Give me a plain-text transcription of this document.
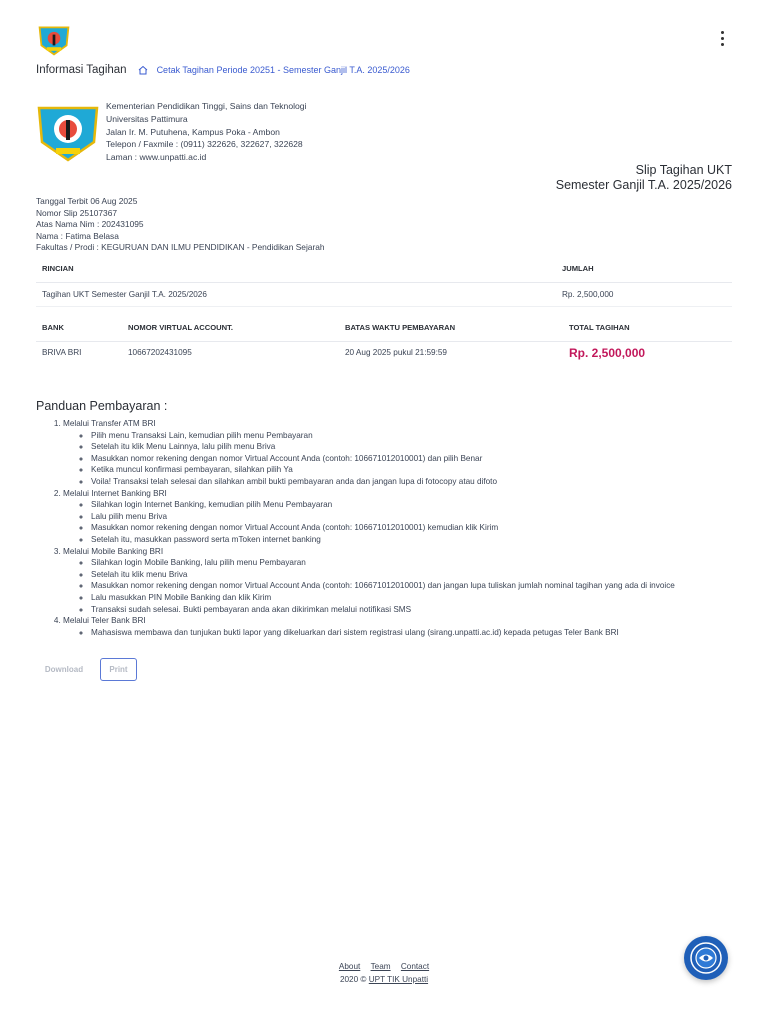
Informasi Tagihan	Cetak Tagihan Periode 20251 - Semester Ganjil T.A. 2025/2026
Kementerian Pendidikan Tinggi, Sains dan Teknologi
Universitas Pattimura
Jalan Ir. M. Putuhena, Kampus Poka - Ambon
Telepon / Faxmile : (0911) 322626, 322627, 322628
Laman : www.unpatti.ac.id
Slip Tagihan UKT
Semester Ganjil T.A. 2025/2026
Tanggal Terbit 06 Aug 2025
Nomor Slip 25107367
Atas Nama Nim : 202431095
Nama : Fatima Belasa
Fakultas / Prodi : KEGURUAN DAN ILMU PENDIDIKAN - Pendidikan Sejarah
RINCIAN	JUMLAH
Tagihan UKT Semester Ganjil T.A. 2025/2026	Rp. 2,500,000
BANK	NOMOR VIRTUAL ACCOUNT.	BATAS WAKTU PEMBAYARAN	TOTAL TAGIHAN
BRIVA BRI	10667202431095	20 Aug 2025 pukul 21:59:59	Rp. 2,500,000
Panduan Pembayaran :
1. Melalui Transfer ATM BRI
◦ Pilih menu Transaksi Lain, kemudian pilih menu Pembayaran
◦ Setelah itu klik Menu Lainnya, lalu pilih menu Briva
◦ Masukkan nomor rekening dengan nomor Virtual Account Anda (contoh: 106671012010001) dan pilih Benar
◦ Ketika muncul konfirmasi pembayaran, silahkan pilih Ya
◦ Voila! Transaksi telah selesai dan silahkan ambil bukti pembayaran anda dan jangan lupa di fotocopy atau difoto
2. Melalui Internet Banking BRI
◦ Silahkan login Internet Banking, kemudian pilih Menu Pembayaran
◦ Lalu pilih menu Briva
◦ Masukkan nomor rekening dengan nomor Virtual Account Anda (contoh: 106671012010001) kemudian klik Kirim
◦ Setelah itu, masukkan password serta mToken internet banking
3. Melalui Mobile Banking BRI
◦ Silahkan login Mobile Banking, lalu pilih menu Pembayaran
◦ Setelah itu klik menu Briva
◦ Masukkan nomor rekening dengan nomor Virtual Account Anda (contoh: 106671012010001) dan jangan lupa tuliskan jumlah nominal tagihan yang ada di invoice
◦ Lalu masukkan PIN Mobile Banking dan klik Kirim
◦ Transaksi sudah selesai. Bukti pembayaran anda akan dikirimkan melalui notifikasi SMS
4. Melalui Teler Bank BRI
◦ Mahasiswa membawa dan tunjukan bukti lapor yang dikeluarkan dari sistem registrasi ulang (sirang.unpatti.ac.id) kepada petugas Teler Bank BRI
Download	Print
About Team Contact
2020 © UPT TIK Unpatti
